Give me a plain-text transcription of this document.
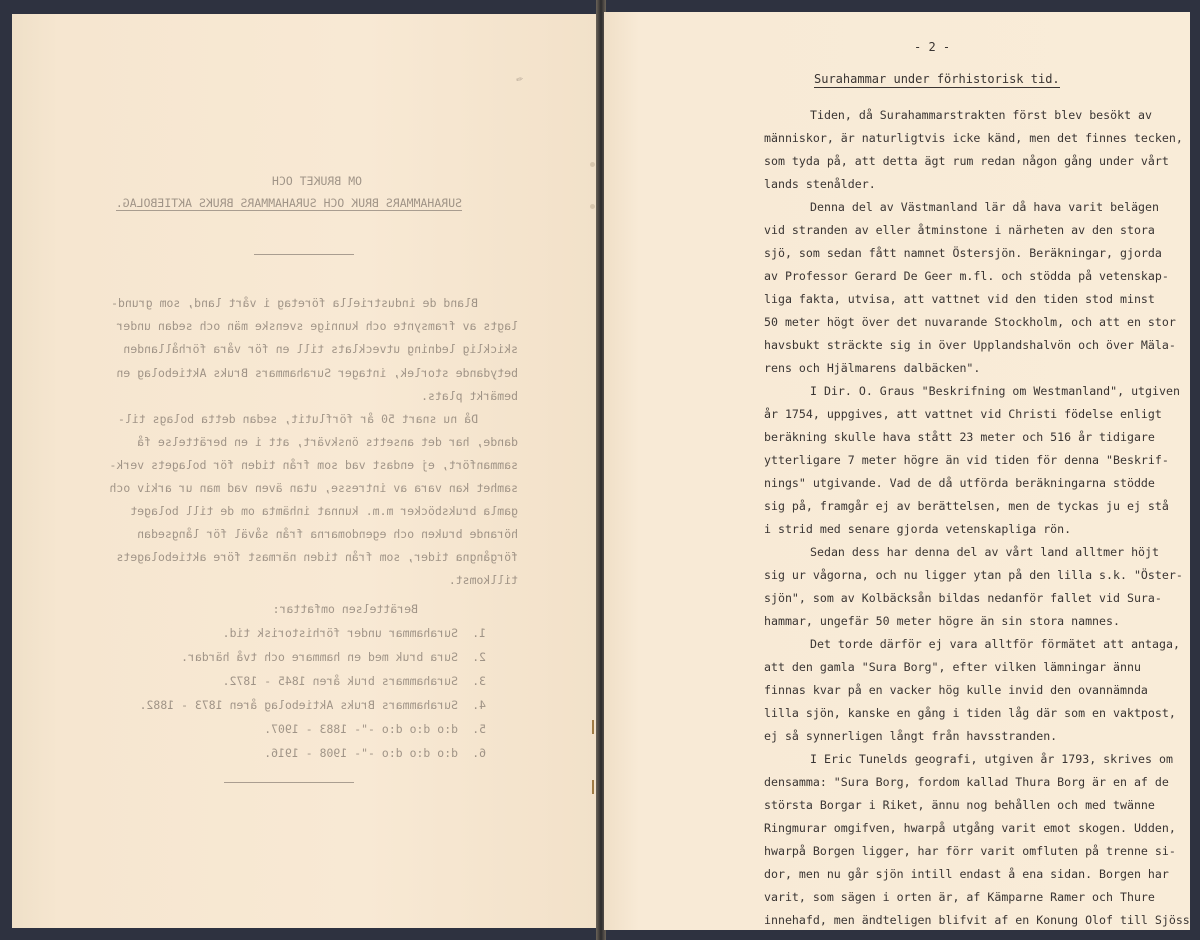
✎
OM BRUKET OCH
SURAHAMMARS BRUK OCH SURAHAMMARS BRUKS AKTIEBOLAG.
Bland de industriella företag i vårt land, som grund-
lagts av framsynte och kunnige svenske män och sedan under
skicklig ledning utvecklats till en för våra förhållanden
betydande storlek, intager Surahammars Bruks Aktiebolag en
bemärkt plats.
Då nu snart 50 år förflutit, sedan detta bolags til-
dande, har det ansetts önskvärt, att i en berättelse få
sammanfört, ej endast vad som från tiden för bolagets verk-
samhet kan vara av intresse, utan även vad man ur arkiv och
gamla bruksböcker m.m. kunnat inhämta om de till bolaget
hörande bruken och egendomarna från såväl för långsedan
förgångna tider, som från tiden närmast före aktiebolagets
tillkomst.
Berättelsen omfattar:
1.
Surahammar under förhistorisk tid.
2.
Sura bruk med en hammare och två härdar.
3.
Surahammars bruk åren 1845 - 1872.
4.
Surahammars Bruks Aktiebolag åren 1873 - 1882.
5.
d:o d:o d:o -"- 1883 - 1907.
6.
d:o d:o d:o -"- 1908 - 1916.
- 2 -
Surahammar under förhistorisk tid.
Tiden, då Surahammarstrakten först blev besökt av
människor, är naturligtvis icke känd, men det finnes tecken,
som tyda på, att detta ägt rum redan någon gång under vårt
lands stenålder.
Denna del av Västmanland lär då hava varit belägen
vid stranden av eller åtminstone i närheten av den stora
sjö, som sedan fått namnet Östersjön. Beräkningar, gjorda
av Professor Gerard De Geer m.fl. och stödda på vetenskap-
liga fakta, utvisa, att vattnet vid den tiden stod minst
50 meter högt över det nuvarande Stockholm, och att en stor
havsbukt sträckte sig in över Upplandshalvön och över Mäla-
rens och Hjälmarens dalbäcken".
I Dir. O. Graus "Beskrifning om Westmanland", utgiven
år 1754, uppgives, att vattnet vid Christi födelse enligt
beräkning skulle hava stått 23 meter och 516 år tidigare
ytterligare 7 meter högre än vid tiden för denna "Beskrif-
nings" utgivande. Vad de då utförda beräkningarna stödde
sig på, framgår ej av berättelsen, men de tyckas ju ej stå
i strid med senare gjorda vetenskapliga rön.
Sedan dess har denna del av vårt land alltmer höjt
sig ur vågorna, och nu ligger ytan på den lilla s.k. "Öster-
sjön", som av Kolbäcksån bildas nedanför fallet vid Sura-
hammar, ungefär 50 meter högre än sin stora namnes.
Det torde därför ej vara alltför förmätet att antaga,
att den gamla "Sura Borg", efter vilken lämningar ännu
finnas kvar på en vacker hög kulle invid den ovannämnda
lilla sjön, kanske en gång i tiden låg där som en vaktpost,
ej så synnerligen långt från havsstranden.
I Eric Tunelds geografi, utgiven år 1793, skrives om
densamma: "Sura Borg, fordom kallad Thura Borg är en af de
största Borgar i Riket, ännu nog behållen och med twänne
Ringmurar omgifven, hwarpå utgång varit emot skogen. Udden,
hwarpå Borgen ligger, har förr varit omfluten på trenne si-
dor, men nu går sjön intill endast å ena sidan. Borgen har
varit, som sägen i orten är, af Kämparne Ramer och Thure
innehafd, men ändteligen blifvit af en Konung Olof till Sjöss
